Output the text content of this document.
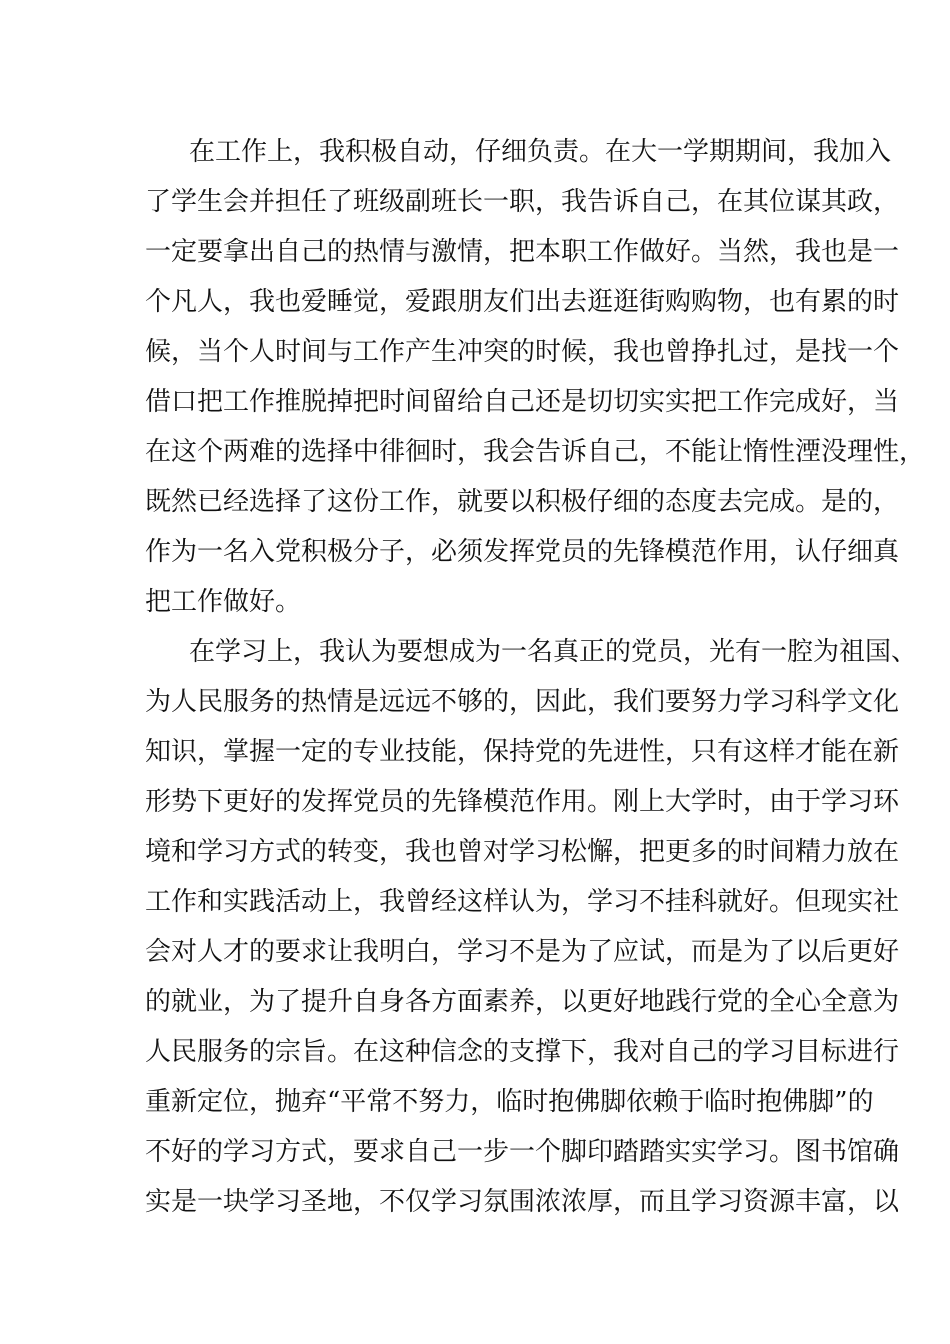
在工作上，我积极自动，仔细负责。在大一学期期间，我加入
了学生会并担任了班级副班长一职，我告诉自己，在其位谋其政，
一定要拿出自己的热情与激情，把本职工作做好。当然，我也是一
个凡人，我也爱睡觉，爱跟朋友们出去逛逛街购购物，也有累的时
候，当个人时间与工作产生冲突的时候，我也曾挣扎过，是找一个
借口把工作推脱掉把时间留给自己还是切切实实把工作完成好，当
在这个两难的选择中徘徊时，我会告诉自己，不能让惰性湮没理性，
既然已经选择了这份工作，就要以积极仔细的态度去完成。是的，
作为一名入党积极分子，必须发挥党员的先锋模范作用，认仔细真
把工作做好。
在学习上，我认为要想成为一名真正的党员，光有一腔为祖国、
为人民服务的热情是远远不够的，因此，我们要努力学习科学文化
知识，掌握一定的专业技能，保持党的先进性，只有这样才能在新
形势下更好的发挥党员的先锋模范作用。刚上大学时，由于学习环
境和学习方式的转变，我也曾对学习松懈，把更多的时间精力放在
工作和实践活动上，我曾经这样认为，学习不挂科就好。但现实社
会对人才的要求让我明白，学习不是为了应试，而是为了以后更好
的就业，为了提升自身各方面素养，以更好地践行党的全心全意为
人民服务的宗旨。在这种信念的支撑下，我对自己的学习目标进行
重新定位，抛弃“平常不努力，临时抱佛脚依赖于临时抱佛脚”的
不好的学习方式，要求自己一步一个脚印踏踏实实学习。图书馆确
实是一块学习圣地，不仅学习氛围浓浓厚，而且学习资源丰富，以
